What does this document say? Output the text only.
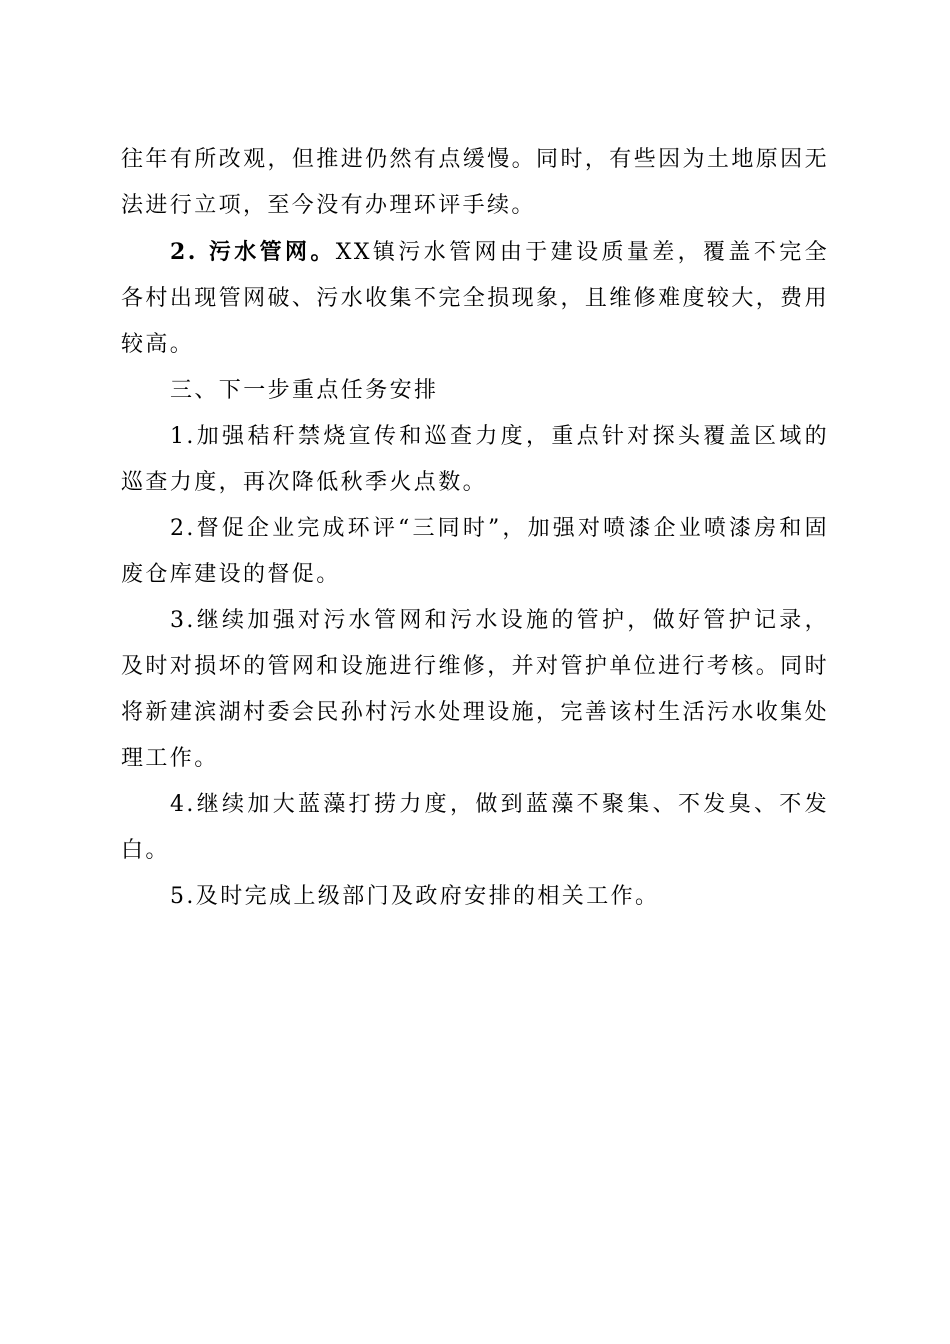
往年有所改观，但推进仍然有点缓慢。同时，有些因为土地原因无法进行立项，至今没有办理环评手续。

2. 污水管网。XX镇污水管网由于建设质量差，覆盖不完全各村出现管网破、污水收集不完全损现象，且维修难度较大，费用较高。

三、下一步重点任务安排

1.加强秸秆禁烧宣传和巡查力度，重点针对探头覆盖区域的巡查力度，再次降低秋季火点数。

2.督促企业完成环评“三同时”，加强对喷漆企业喷漆房和固废仓库建设的督促。

3.继续加强对污水管网和污水设施的管护，做好管护记录，及时对损坏的管网和设施进行维修，并对管护单位进行考核。同时将新建滨湖村委会民孙村污水处理设施，完善该村生活污水收集处理工作。

4.继续加大蓝藻打捞力度，做到蓝藻不聚集、不发臭、不发白。

5.及时完成上级部门及政府安排的相关工作。
